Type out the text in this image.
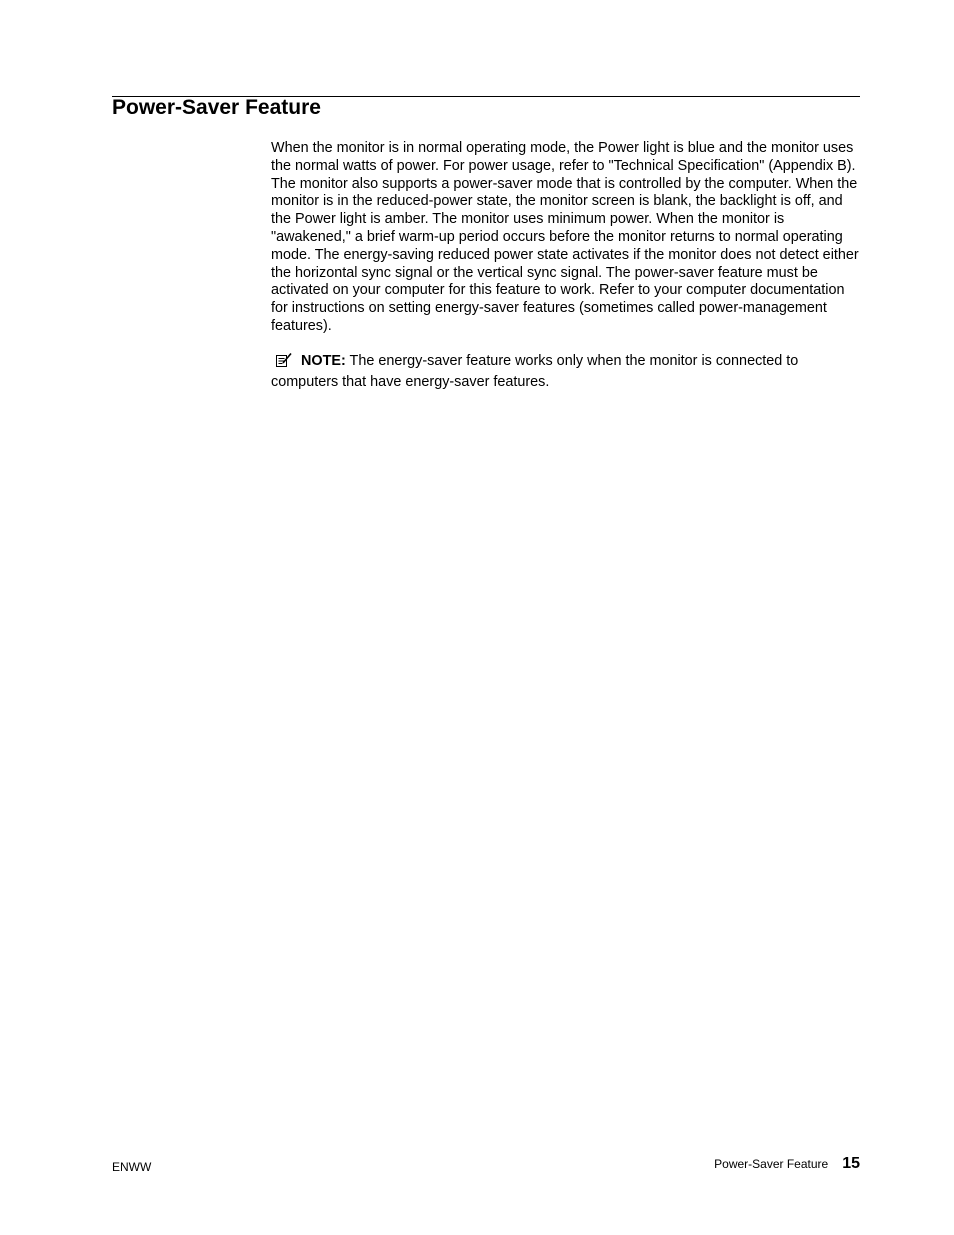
Power-Saver Feature

When the monitor is in normal operating mode, the Power light is blue and the monitor uses the normal watts of power. For power usage, refer to "Technical Specification" (Appendix B). The monitor also supports a power-saver mode that is controlled by the computer. When the monitor is in the reduced-power state, the monitor screen is blank, the backlight is off, and the Power light is amber. The monitor uses minimum power. When the monitor is "awakened," a brief warm-up period occurs before the monitor returns to normal operating mode. The energy-saving reduced power state activates if the monitor does not detect either the horizontal sync signal or the vertical sync signal. The power-saver feature must be activated on your computer for this feature to work. Refer to your computer documentation for instructions on setting energy-saver features (sometimes called power-management features).

NOTE: The energy-saver feature works only when the monitor is connected to computers that have energy-saver features.

ENWW	Power-Saver Feature 15
